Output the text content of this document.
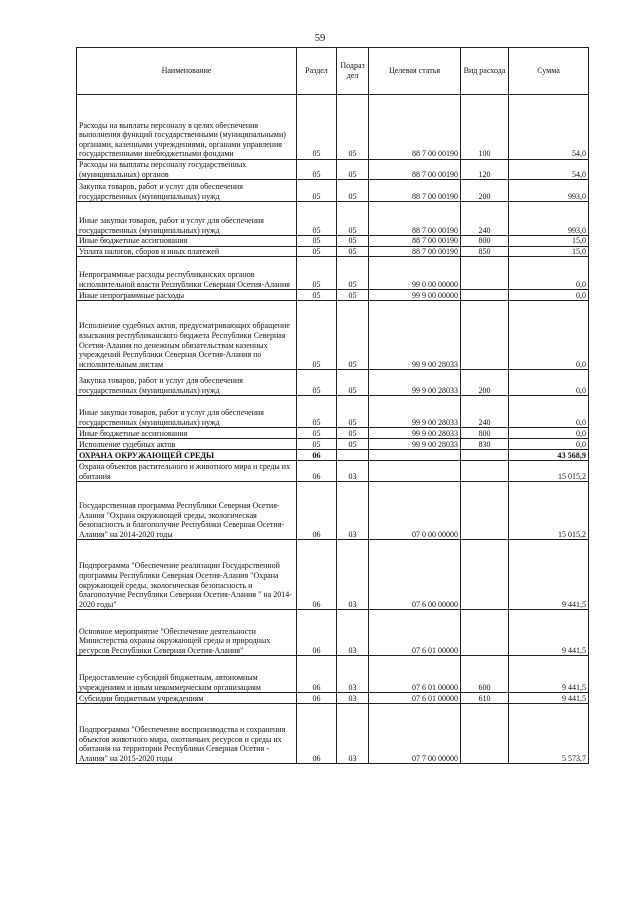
59
Наименование	Раздел	Подраз дел	Целевая статья	Вид расхода	Сумма
Расходы на выплаты персоналу в целях обеспечения выполнения функций государственными (муниципальными) органами, казенными учреждениями, органами управления государственными внебюджетными фондами	05	05	88 7 00 00190	100	54,0
Расходы на выплаты персоналу государственных (муниципальных) органов	05	05	88 7 00 00190	120	54,0
Закупка товаров, работ и услуг для обеспечения государственных (муниципальных) нужд	05	05	88 7 00 00190	200	993,0
Иные закупки товаров, работ и услуг для обеспечения государственных (муниципальных) нужд	05	05	88 7 00 00190	240	993,0
Иные бюджетные ассигнования	05	05	88 7 00 00190	800	15,0
Уплата налогов, сборов и иных платежей	05	05	88 7 00 00190	850	15,0
Непрограммные расходы республиканских органов исполнительной власти Республики Северная Осетия-Алания	05	05	99 0 00 00000		0,0
Иные непрограммные расходы	05	05	99 9 00 00000		0,0
Исполнение судебных актов, предусматривающих обращение взыскания республиканского бюджета Республики Северная Осетия-Алания по денежным обязательствам казенных учреждений Республики Северная Осетия-Алания по исполнительным листам	05	05	99 9 00 28033		0,0
Закупка товаров, работ и услуг для обеспечения государственных (муниципальных) нужд	05	05	99 9 00 28033	200	0,0
Иные закупки товаров, работ и услуг для обеспечения государственных (муниципальных) нужд	05	05	99 9 00 28033	240	0,0
Иные бюджетные ассигнования	05	05	99 9 00 28033	800	0,0
Исполнение судебных актов	05	05	99 9 00 28033	830	0,0
ОХРАНА ОКРУЖАЮЩЕЙ СРЕДЫ	06				43 568,9
Охрана объектов растительного и животного мира и среды их обитания	06	03			15 015,2
Государственная программа Республики Северная Осетия-Алания "Охрана окружающей среды, экологическая безопасность и благополучие Республики Северная Осетия-Алания" на 2014-2020 годы	06	03	07 0 00 00000		15 015,2
Подпрограмма "Обеспечение реализации Государственной программы Республики Северная Осетия-Алания "Охрана окружающей среды, экологическая безопасность и благополучие Республики Северная Осетия-Алания " на 2014-2020 годы"	06	03	07 6 00 00000		9 441,5
Основное мероприятие "Обеспечение деятельности Министерства охраны окружающей среды и природных ресурсов Республики Северная Осетия-Алания"	06	03	07 6 01 00000		9 441,5
Предоставление субсидий бюджетным, автономным учреждениям и иным некоммерческим организациям	06	03	07 6 01 00000	600	9 441,5
Субсидии бюджетным учреждениям	06	03	07 6 01 00000	610	9 441,5
Подпрограмма "Обеспечение воспроизводства и сохранения объектов животного мира, охотничьих ресурсов и среды их обитания на территории Республики Северная Осетия - Алания" на 2015-2020 годы	06	03	07 7 00 00000		5 573,7
